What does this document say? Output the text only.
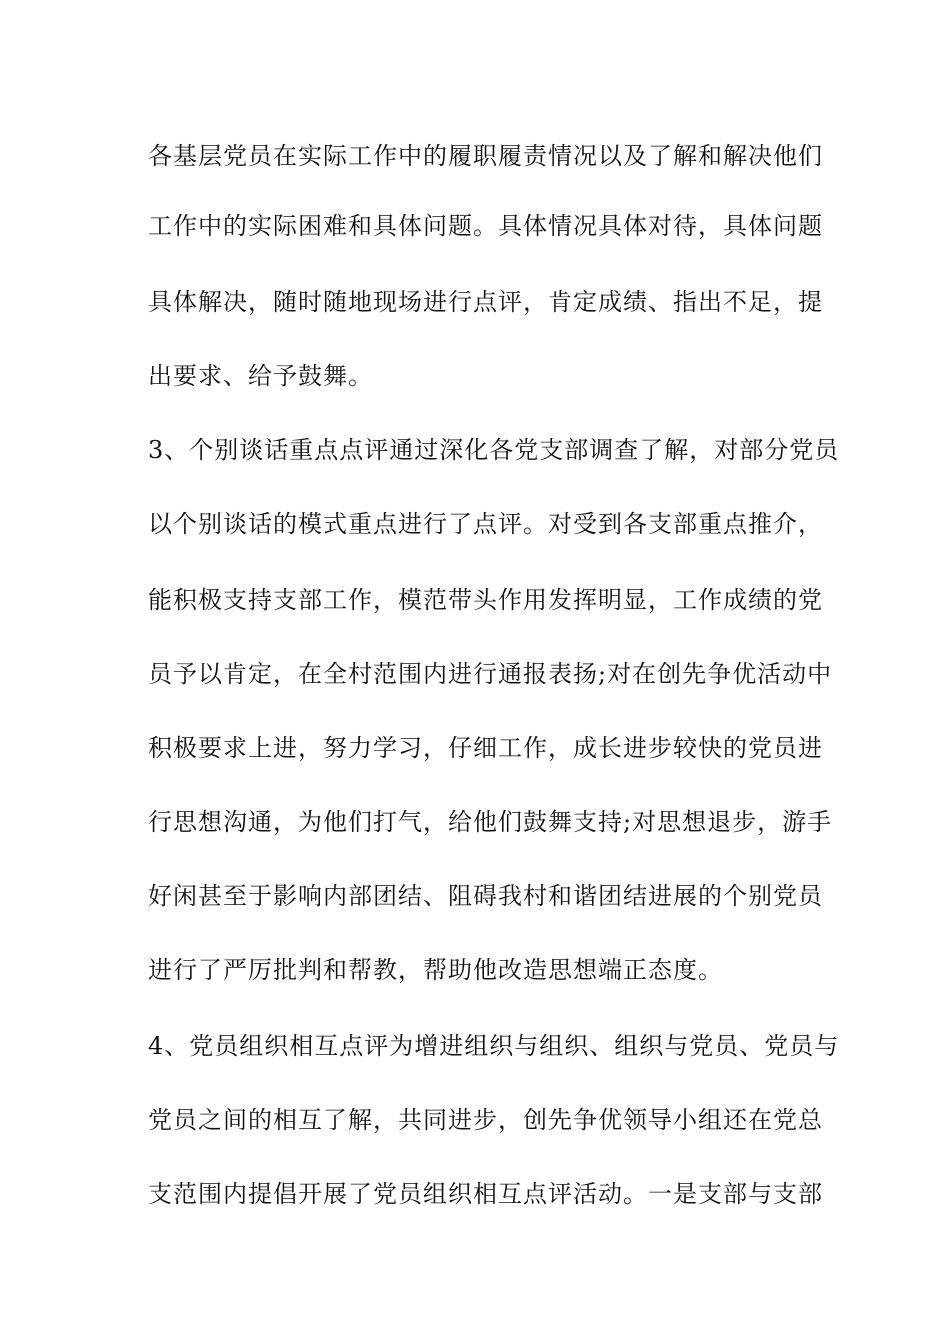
各基层党员在实际工作中的履职履责情况以及了解和解决他们

工作中的实际困难和具体问题。具体情况具体对待，具体问题

具体解决，随时随地现场进行点评，肯定成绩、指出不足，提

出要求、给予鼓舞。

3、个别谈话重点点评通过深化各党支部调查了解，对部分党员

以个别谈话的模式重点进行了点评。对受到各支部重点推介，

能积极支持支部工作，模范带头作用发挥明显，工作成绩的党

员予以肯定，在全村范围内进行通报表扬;对在创先争优活动中

积极要求上进，努力学习，仔细工作，成长进步较快的党员进

行思想沟通，为他们打气，给他们鼓舞支持;对思想退步，游手

好闲甚至于影响内部团结、阻碍我村和谐团结进展的个别党员

进行了严厉批判和帮教，帮助他改造思想端正态度。

4、党员组织相互点评为增进组织与组织、组织与党员、党员与

党员之间的相互了解，共同进步，创先争优领导小组还在党总

支范围内提倡开展了党员组织相互点评活动。一是支部与支部
